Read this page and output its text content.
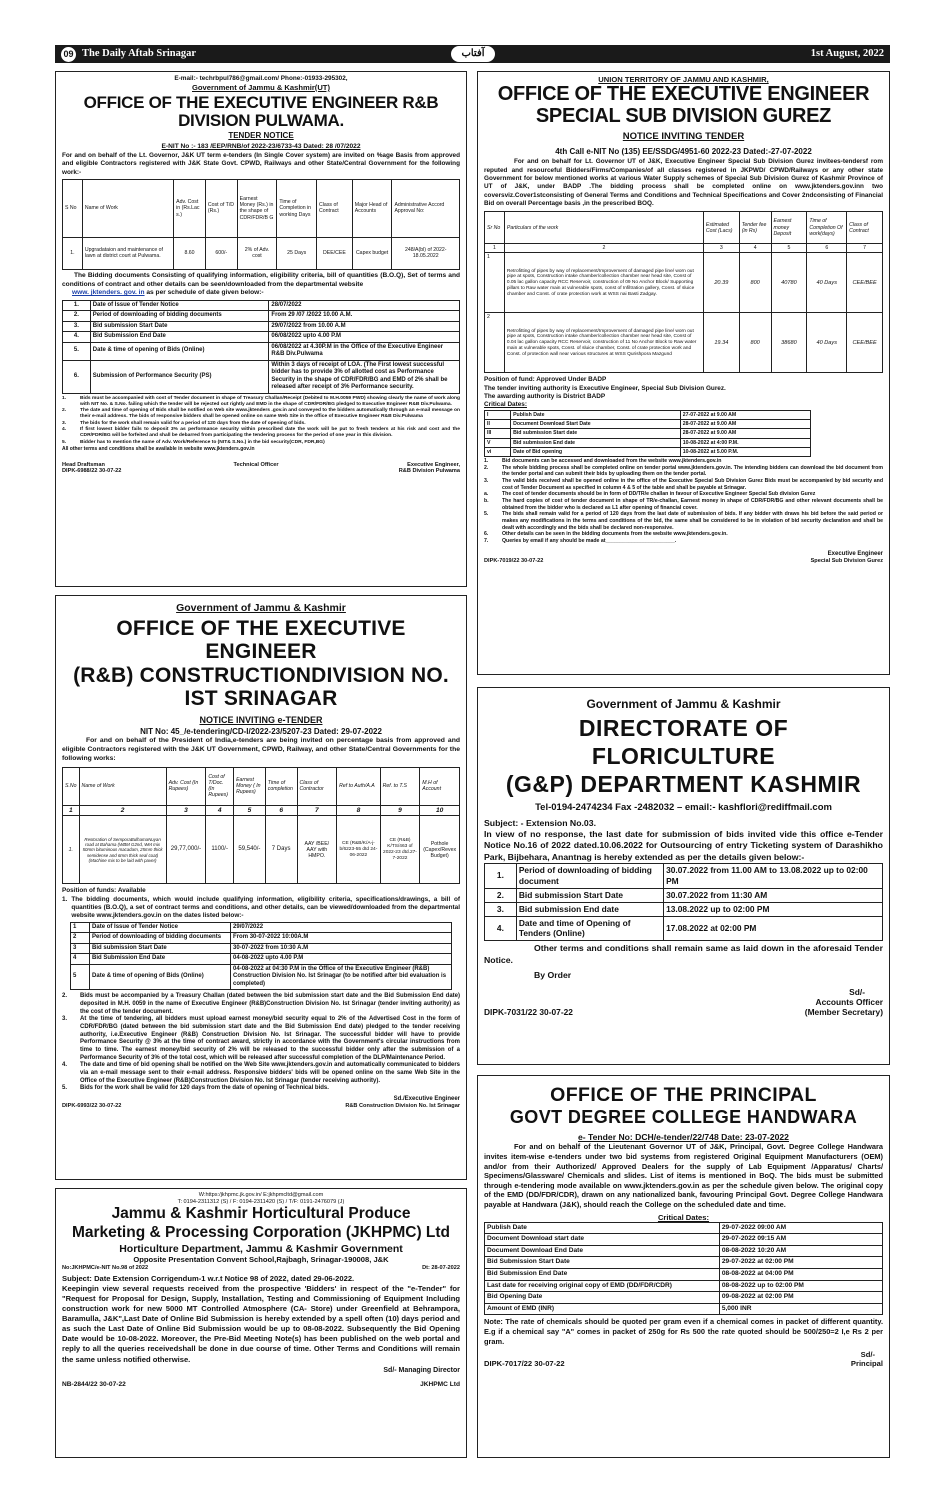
09 The Daily Aftab Srinagar	آفتاب	1st August, 2022
E-mail:- techrbpul786@gmail.com/ Phone:-01933-295302,
Government of Jammu & Kashmir(UT)
OFFICE OF THE EXECUTIVE ENGINEER R&B DIVISION PULWAMA.
TENDER NOTICE
E-NIT No :- 183 /EEP/RNB/of 2022-23/6733-43 Dated: 28 /07/2022
For and on behalf of the Lt. Governor, J&K UT term e-tenders (In Single Cover system) are invited on %age Basis from approved and eligible Contractors registered with J&K State Govt. CPWD, Railways and other State/Central Government for the following work:-
S No	Name of Work	Adv. Cost in (Rs.Lac s.)	Cost of T/D (Rs.)	Earnest Money (Rs.) in the shape of CDR/FDR/B G	Time of Completion in working Days	Class of Contract	Major Head of Accounts	Administrative Accord Approval No:
1.	Upgradataion and maintenance of lawn at district court at Pulwama.	8.60	600/-	2% of Adv. cost	25 Days	DEE/CEE	Capex budget	248/A(bl) of 2022- 18.05.2022
The Bidding documents Consisting of qualifying information, eligibility criteria, bill of quantities (B.O.Q), Set of terms and conditions of contract and other details can be seen/downloaded from the departmental website
www. jktenders. gov. in as per schedule of date given below:-
1.	Date of Issue of Tender Notice	28/07/2022
2.	Period of downloading of bidding documents	From 29 /07 /2022 10.00 A.M.
3.	Bid submission Start Date	29/07/2022 from 10.00 A.M
4.	Bid Submission End Date	06/08/2022 upto 4.00 P.M
5.	Date & time of opening of Bids (Online)	06/08/2022 at 4.30P.M in the Office of the Executive Engineer R&B Div.Pulwama
6.	Submission of Performance Security (PS)	Within 3 days of receipt of LOA. (The First lowest successful bidder has to provide 3% of allotted cost as Performance Security in the shape of CDR/FDR/BG and EMD of 2% shall be released after receipt of 3% Performance security.
1.	Bids must be accompanied with cost of Tender document in shape of Treasury Challan/Receipt (Debited to M.H.0059 PWD) showing clearly the name of work along with NIT No. & S.No. failing which the tender will be rejected out rightly and EMD in the shape of CDR/FDR/BG pledged to Executive Engineer R&B Div.Pulwama.
2.	The date and time of opening of Bids shall be notified on Web site www.jktenders .gov.in and conveyed to the bidders automatically through an e-mail message on their e-mail address. The bids of responsive bidders shall be opened online on same Web Site in the office of Executive Engineer R&B Div.Pulwama
3.	The bids for the work shall remain valid for a period of 120 days from the date of opening of bids.
4.	If first lowest bidder fails to deposit 3% as performance security within prescribed date the work will be put to fresh tenders at his risk and cost and the CDR/FDR/BG will be forfeited and shall be debarred from participating the tendering process for the period of one year in this division.
5.	Bidder has to mention the name of Adv. Work/Reference to (NIT& S.No.) in the bid security(CDR, FDR,BG)
All other terms and conditions shall be available in website www.jktenders.gov.in
Head Draftsman	Technical Officer	Executive Engineer,
DIPK-6988/22 30-07-22	R&B Division Pulwama
UNION TERRITORY OF JAMMU AND KASHMIR,
OFFICE OF THE EXECUTIVE ENGINEER
SPECIAL SUB DIVISION GUREZ
NOTICE INVITING TENDER
4th Call e-NIT No (135) EE/SSDG/4951-60 2022-23 Dated:-27-07-2022
For and on behalf for Lt. Governor UT of J&K, Executive Engineer Special Sub Division Gurez invitees-tendersf rom reputed and resourceful Bidders/Firms/Companies/of all classes registered in JKPWD/ CPWD/Railways or any other state Government for below mentioned works at various Water Supply schemes of Special Sub Division Gurez of Kashmir Province of UT of J&K, under BADP .The bidding process shall be completed online on www.jktenders.gov.inn two coversviz.Cover1stconsisting of General Terms and Conditions and Technical Specifications and Cover 2ndconsisting of Financial Bid on overall Percentage basis ,in the prescribed BOQ.
Sr No	Particulars of the work	Estimated Cost (Lacs)	Tender fee (in Rs)	Earnest money Deposit	Time of Completion Of work(days)	Class of Contract
1	2	3	4	5	6	7
1	Retrofitting of pipes by way of replacement/Improvement of damaged pipe line/ worn out pipe at spots, Construction intake chamber/collection chamber near head site, Const of 0.05 lac gallon capacity RCC Reservoir, construction of 09 No Anchor Block/ Supporting pillars to Raw water main at vulnerable spots, const of Infiltration gallery, Const. of sluice chamber and Const. of crate protection work at WSS nai Basti Zadgay.	20.39	800	40780	40 Days	CEE/BEE
2	Retrofitting of pipes by way of replacement/Improvement of damaged pipe line/ worn out pipe at spots, Construction intake chamber/collection chamber near head site, Const of 0.04 lac gallon capacity RCC Reservoir, construction of 11 No Anchor Block to Raw water main at vulnerable spots, Const. of sluice chamber, Const. of crate protection work and Const. of protection wall near various structures at WSS Qurishpora Mazgund	19.34	800	38680	40 Days	CEE/BEE
Position of fund: Approved Under BADP
The tender inviting authority is Executive Engineer, Special Sub Division Gurez.
The awarding authority is District BADP
Critical Dates:
I	Publish Date	27-07-2022 at 9.00 AM
II	Document Download Start Date	28-07-2022 at 9.00 AM
III	Bid submission Start date	28-07-2022 at 9.00 AM
V	Bid submission End date	10-08-2022 at 4:00 P.M.
vi	Date of Bid opening	10-08-2022 at 5.00 P.M.
1.	Bid documents can be accessed and downloaded from the website www.jktenders.gov.in
2.	The whole bidding process shall be completed online on tender portal www.jktenders.gov.in. The intending bidders can download the bid document from the tender portal and can submit their bids by uploading them on the tender portal.
3.	The valid bids received shall be opened online in the office of the Executive Special Sub Division Gurez Bids must be accompanied by bid security and cost of Tender Document as specified in column 4 & 5 of the table and shall be payable at Srinagar.
a.	The cost of tender documents should be in form of DD/TR/e challan in favour of Executive Engineer Special Sub division Gurez
b.	The hard copies of cost of tender document in shape of TR/e-challan, Earnest money in shape of CDR/FDR/BG and other relevant documents shall be obtained from the bidder who is declared as L1 after opening of financial cover.
5.	The bids shall remain valid for a period of 120 days from the last date of submission of bids. If any bidder with draws his bid before the said period or makes any modifications in the terms and conditions of the bid, the same shall be considered to be in violation of bid security declaration and shall be dealt with accordingly and the bids shall be declared non-responsive.
6.	Other details can be seen in the bidding documents from the website www.jktenders.gov.in.
7.	Queries by email if any should be made at________________________.
Executive Engineer
DIPK-7019/22 30-07-22	Special Sub Division Gurez
Government of Jammu & Kashmir
OFFICE OF THE EXECUTIVE ENGINEER
(R&B) CONSTRUCTIONDIVISION NO. IST SRINAGAR
NOTICE INVITING e-TENDER
NIT No: 45_/e-tendering/CD-I/2022-23/5207-23 Dated: 29-07-2022
For and on behalf of the President of India,e-tenders are being invited on percentage basis from approved and eligible Contractors registered with the J&K UT Government, CPWD, Railway, and other State/Central Governments for the following works:
S.No	Name of Work	Adv. Cost (In Rupees)	Cost of T/Doc. (In Rupees)	Earnest Money ( In Rupees)	Time of completion	Class of Contractor	Ref to Auth/A.A	Ref. to T.S	M.H of Account
1	2	3	4	5	6	7	8	9	10
1.	Restoration of SemporaBulhamaNuyan road at Bahama (WBM G2nd, Wet mix 50mm bituminous macadam, 25mm thick semidense and 6mm thick seal coat) (Machine mix to be laid with paver)	29,77,000/-	1100/-	59,540/-	7 Days	AAY /BEE/ AAY with HMPO.	CE (R&B/K/A-j-b/6223-55 dtd 24-06-2022	CE (R&B) K/TS/463 of 2022-23 dtd.27-7-2022	Pothole (Capex/Revex Budget)
Position of funds: Available
1. The bidding documents, which would include qualifying information, eligibility criteria, specifications/drawings, a bill of quantities (B.O.Q), a set of contract terms and conditions, and other details, can be viewed/downloaded from the departmental website www.jktenders.gov.in on the dates listed below:-
1	Date of Issue of Tender Notice	29/07/2022
2	Period of downloading of bidding documents	From 30-07-2022 10:00A.M
3	Bid submission Start Date	30-07-2022 from 10:30 A.M
4	Bid Submission End Date	04-08-2022 upto 4.00 P.M
5	Date & time of opening of Bids (Online)	04-08-2022 at 04:30 P.M in the Office of the Executive Engineer (R&B) Construction Division No. Ist Srinagar (to be notified after bid evaluation is completed)
2.	Bids must be accompanied by a Treasury Challan (dated between the bid submission start date and the Bid Submission End date) deposited in M.H. 0059 in the name of Executive Engineer (R&B)Construction Division No. Ist Srinagar (tender inviting authority) as the cost of the tender document.
3.	At the time of tendering, all bidders must upload earnest money/bid security equal to 2% of the Advertised Cost in the form of CDR/FDR/BG (dated between the bid submission start date and the Bid Submission End date) pledged to the tender receiving authority, i.e.Executive Engineer (R&B) Construction Division No. Ist Srinagar. The successful bidder will have to provide Performance Security @ 3% at the time of contract award, strictly in accordance with the Government's circular instructions from time to time. The earnest money/bid security of 2% will be released to the successful bidder only after the submission of a Performance Security of 3% of the total cost, which will be released after successful completion of the DLP/Maintenance Period.
4.	The date and time of bid opening shall be notified on the Web Site www.jktenders.gov.in and automatically communicated to bidders via an e-mail message sent to their e-mail address. Responsive bidders' bids will be opened online on the same Web Site in the Office of the Executive Engineer (R&B)Construction Division No. Ist Srinagar (tender receiving authority).
5.	Bids for the work shall be valid for 120 days from the date of opening of Technical bids.
Sd./Executive Engineer
DIPK-6993/22 30-07-22	R&B Construction Division No. Ist Srinagar
W:https:/jkhpmc.jk.gov.in/ E:jkhpmcltd@gmail.com
T: 0194-2311312 (S) / F: 0194-2311420 (S) / T/F: 0191-2476079 (J)
Jammu & Kashmir Horticultural Produce
Marketing & Processing Corporation (JKHPMC) Ltd
Horticulture Department, Jammu & Kashmir Government
Opposite Presentation Convent School,Rajbagh, Srinagar-190008, J&K
No:JKHPMC/e-NIT No.98 of 2022	Dt: 28-07-2022
Subject: Date Extension Corrigendum-1 w.r.t Notice 98 of 2022, dated 29-06-2022.
Keepingin view several requests received from the prospective 'Bidders' in respect of the "e-Tender" for "Request for Proposal for Design, Supply, Installation, Testing and Commissioning of Equipment Including construction work for new 5000 MT Controlled Atmosphere (CA- Store) under Greenfield at Behrampora, Baramulla, J&K",Last Date of Online Bid Submission is hereby extended by a spell often (10) days period and as such the Last Date of Online Bid Submission would be up to 08-08-2022. Subsequently the Bid Opening Date would be 10-08-2022. Moreover, the Pre-Bid Meeting Note(s) has been published on the web portal and reply to all the queries receivedshall be done in due course of time. Other Terms and Conditions will remain the same unless notified otherwise.
Sd/- Managing Director
NB-2844/22 30-07-22	JKHPMC Ltd
Government of Jammu & Kashmir
DIRECTORATE OF FLORICULTURE
(G&P) DEPARTMENT KASHMIR
Tel-0194-2474234 Fax -2482032 – email:- kashflori@rediffmail.com
Subject: - Extension No.03.
In view of no response, the last date for submission of bids invited vide this office e-Tender Notice No.16 of 2022 dated.10.06.2022 for Outsourcing of entry Ticketing system of Darashikho Park, Bijbehara, Anantnag is hereby extended as per the details given below:-
1.	Period of downloading of bidding document	30.07.2022 from 11.00 AM to 13.08.2022 up to 02:00 PM
2.	Bid submission Start Date	30.07.2022 from 11:30 AM
3.	Bid submission End date	13.08.2022 up to 02:00 PM
4.	Date and time of Opening of Tenders (Online)	17.08.2022 at 02:00 PM
Other terms and conditions shall remain same as laid down in the aforesaid Tender Notice.
By Order
Sd/-
Accounts Officer
DIPK-7031/22 30-07-22	(Member Secretary)
OFFICE OF THE PRINCIPAL
GOVT DEGREE COLLEGE HANDWARA
e- Tender No: DCH/e-tender/22/748 Date: 23-07-2022
For and on behalf of the Lieutenant Governor UT of J&K, Principal, Govt. Degree College Handwara invites item-wise e-tenders under two bid systems from registered Original Equipment Manufacturers (OEM) and/or from their Authorized/ Approved Dealers for the supply of Lab Equipment /Apparatus/ Charts/ Specimens/Glassware/ Chemicals and slides. List of items is mentioned in BoQ. The bids must be submitted through e-tendering mode available on www.jktenders.gov.in as per the schedule given below. The original copy of the EMD (DD/FDR/CDR), drawn on any nationalized bank, favouring Principal Govt. Degree College Handwara payable at Handwara (J&K), should reach the College on the scheduled date and time.
Critical Dates:
Publish Date	29-07-2022 09:00 AM
Document Download start date	29-07-2022 09:15 AM
Document Download End Date	08-08-2022 10:20 AM
Bid Submission Start Date	29-07-2022 at 02:00 PM
Bid Submission End Date	08-08-2022 at 04:00 PM
Last date for receiving original copy of EMD (DD/FDR/CDR)	08-08-2022 up to 02:00 PM
Bid Opening Date	09-08-2022 at 02:00 PM
Amount of EMD (INR)	5,000 INR
Note: The rate of chemicals should be quoted per gram even if a chemical comes in packet of different quantity. E.g if a chemical say "A" comes in packet of 250g for Rs 500 the rate quoted should be 500/250=2 I,e Rs 2 per gram.
Sd/-
DIPK-7017/22 30-07-22	Principal
